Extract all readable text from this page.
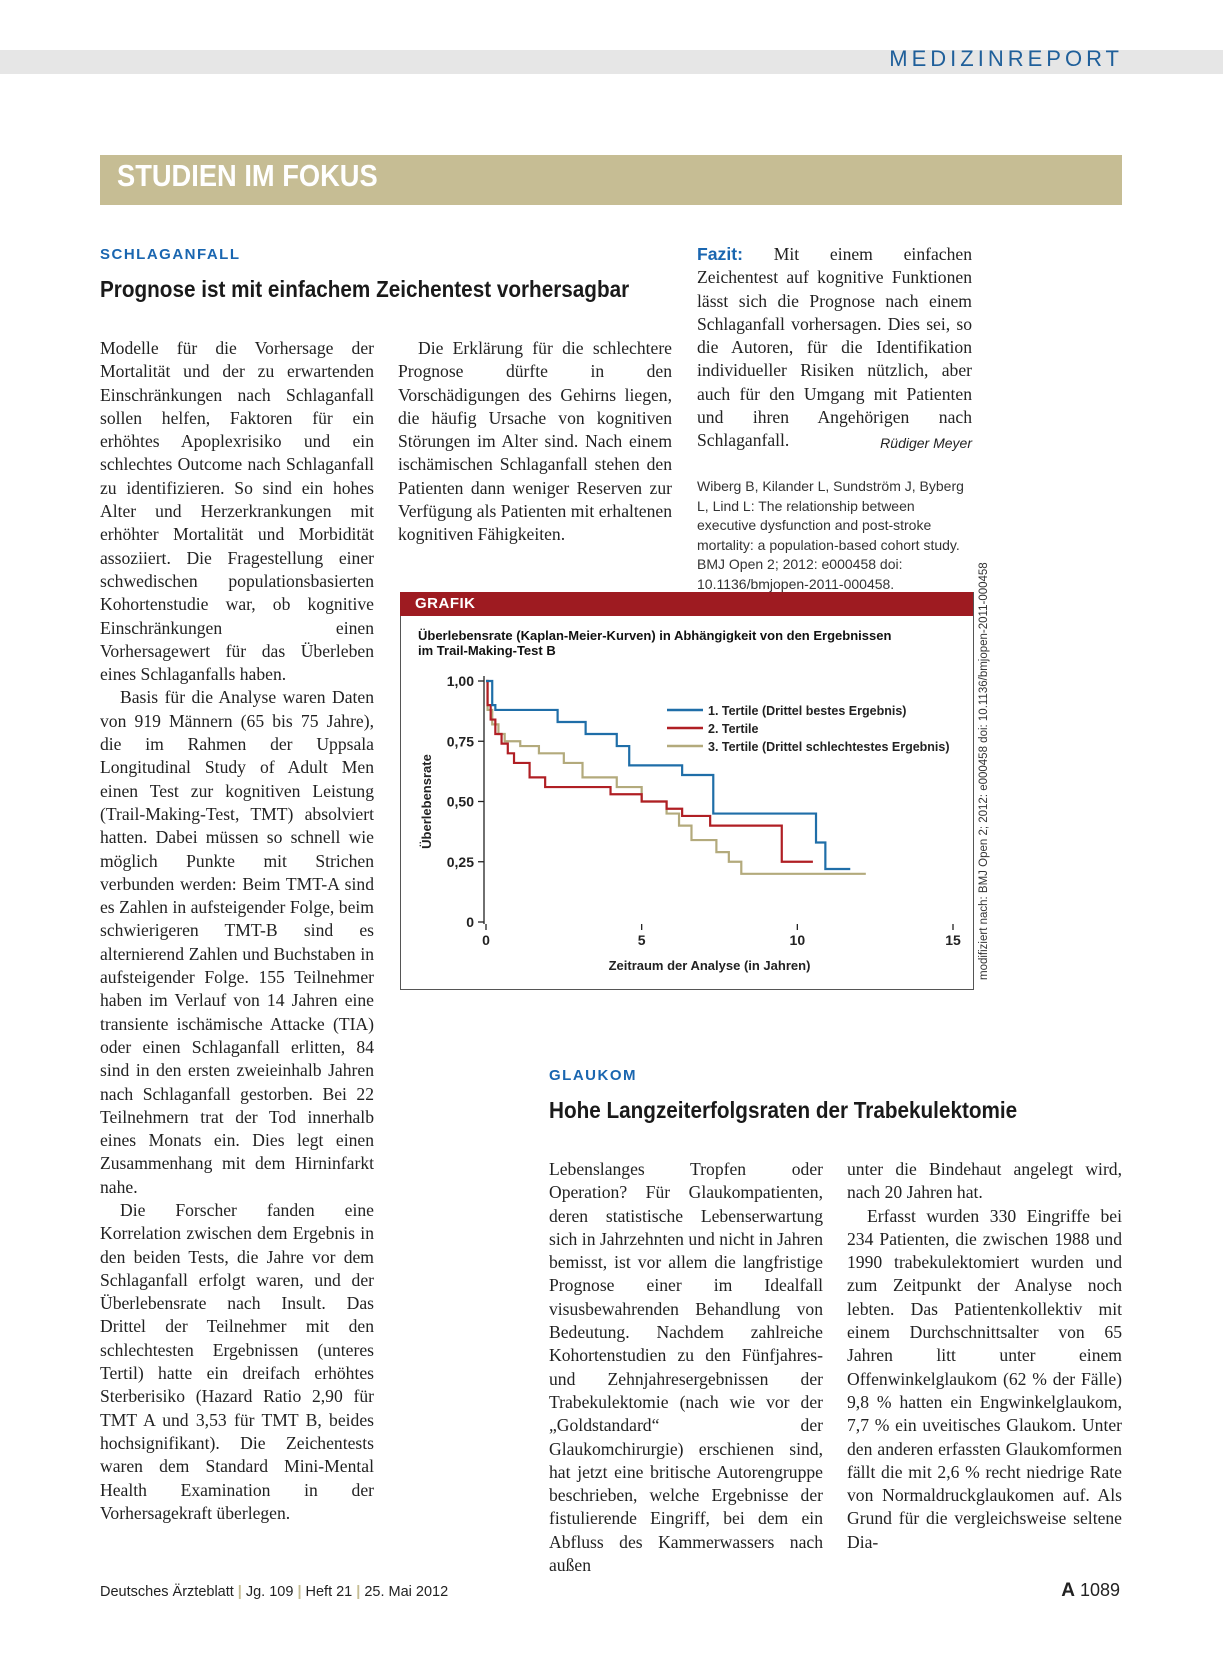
MEDIZINREPORT
STUDIEN IM FOKUS
SCHLAGANFALL
Prognose ist mit einfachem Zeichentest vorhersagbar

Modelle für die Vorhersage der Mortalität und der zu erwartenden Einschränkungen nach Schlaganfall sollen helfen, Faktoren für ein erhöhtes Apoplexrisiko und ein schlechtes Outcome nach Schlaganfall zu identifizieren. So sind ein hohes Alter und Herzerkrankungen mit erhöhter Mortalität und Morbidität assoziiert. Die Fragestellung einer schwedischen populationsbasierten Kohortenstudie war, ob kognitive Einschränkungen einen Vorhersagewert für das Überleben eines Schlaganfalls haben.

Basis für die Analyse waren Daten von 919 Männern (65 bis 75 Jahre), die im Rahmen der Uppsala Longitudinal Study of Adult Men einen Test zur kognitiven Leistung (Trail-Making-Test, TMT) absolviert hatten. Dabei müssen so schnell wie möglich Punkte mit Strichen verbunden werden: Beim TMT-A sind es Zahlen in aufsteigender Folge, beim schwierigeren TMT-B sind es alternierend Zahlen und Buchstaben in aufsteigender Folge. 155 Teilnehmer haben im Verlauf von 14 Jahren eine transiente ischämische Attacke (TIA) oder einen Schlaganfall erlitten, 84 sind in den ersten zweieinhalb Jahren nach Schlaganfall gestorben. Bei 22 Teilnehmern trat der Tod innerhalb eines Monats ein. Dies legt einen Zusammenhang mit dem Hirninfarkt nahe.

Die Forscher fanden eine Korrelation zwischen dem Ergebnis in den beiden Tests, die Jahre vor dem Schlaganfall erfolgt waren, und der Überlebensrate nach Insult. Das Drittel der Teilnehmer mit den schlechtesten Ergebnissen (unteres Tertil) hatte ein dreifach erhöhtes Sterberisiko (Hazard Ratio 2,90 für TMT A und 3,53 für TMT B, beides hochsignifikant). Die Zeichentests waren dem Standard Mini-Mental Health Examination in der Vorhersagekraft überlegen.

Die Erklärung für die schlechtere Prognose dürfte in den Vorschädigungen des Gehirns liegen, die häufig Ursache von kognitiven Störungen im Alter sind. Nach einem ischämischen Schlaganfall stehen den Patienten dann weniger Reserven zur Verfügung als Patienten mit erhaltenen kognitiven Fähigkeiten.

Fazit: Mit einem einfachen Zeichentest auf kognitive Funktionen lässt sich die Prognose nach einem Schlaganfall vorhersagen. Dies sei, so die Autoren, für die Identifikation individueller Risiken nützlich, aber auch für den Umgang mit Patienten und ihren Angehörigen nach Schlaganfall.	Rüdiger Meyer

Wiberg B, Kilander L, Sundström J, Byberg L, Lind L: The relationship between executive dysfunction and post-stroke mortality: a population-based cohort study. BMJ Open 2; 2012: e000458 doi: 10.1136/bmjopen-2011-000458.
GRAFIK
Überlebensrate (Kaplan-Meier-Kurven) in Abhängigkeit von den Ergebnissen
im Trail-Making-Test B
0
0,25
0,50
0,75
1,00
0	5	10	15
Zeitraum der Analyse (in Jahren)
Überlebensrate
1. Tertile (Drittel bestes Ergebnis)
2. Tertile
3. Tertile (Drittel schlechtestes Ergebnis) modifiziert nach: BMJ Open 2; 2012: e000458 doi: 10.1136/bmjopen-2011-000458
GLAUKOM
Hohe Langzeiterfolgsraten der Trabekulektomie

Lebenslanges Tropfen oder Operation? Für Glaukompatienten, deren statistische Lebenserwartung sich in Jahrzehnten und nicht in Jahren bemisst, ist vor allem die langfristige Prognose einer im Idealfall visusbewahrenden Behandlung von Bedeutung. Nachdem zahlreiche Kohortenstudien zu den Fünfjahres- und Zehnjahresergebnissen der Trabekulektomie (nach wie vor der „Goldstandard“ der Glaukomchirurgie) erschienen sind, hat jetzt eine britische Autorengruppe beschrieben, welche Ergebnisse der fistulierende Eingriff, bei dem ein Abfluss des Kammerwassers nach außen

unter die Bindehaut angelegt wird, nach 20 Jahren hat.

Erfasst wurden 330 Eingriffe bei 234 Patienten, die zwischen 1988 und 1990 trabekulektomiert wurden und zum Zeitpunkt der Analyse noch lebten. Das Patientenkollektiv mit einem Durchschnittsalter von 65 Jahren litt unter einem Offenwinkelglaukom (62 % der Fälle) 9,8 % hatten ein Engwinkelglaukom, 7,7 % ein uveitisches Glaukom. Unter den anderen erfassten Glaukomformen fällt die mit 2,6 % recht niedrige Rate von Normaldruckglaukomen auf. Als Grund für die vergleichsweise seltene Dia-

Deutsches Ärzteblatt | Jg. 109 | Heft 21 | 25. Mai 2012	A 1089
